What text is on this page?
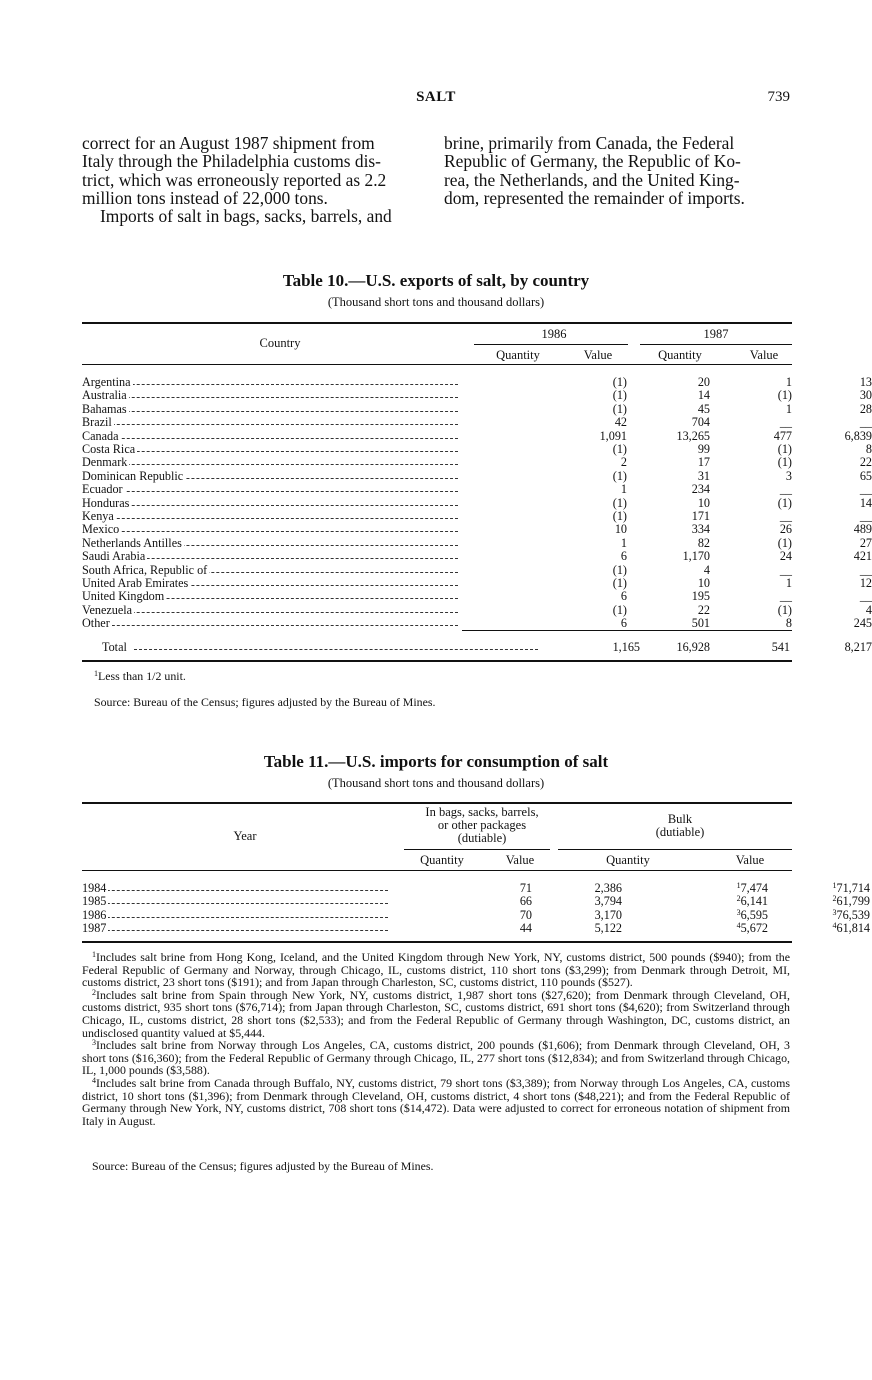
SALT	739
correct for an August 1987 shipment from
Italy through the Philadelphia customs dis-
trict, which was erroneously reported as 2.2
million tons instead of 22,000 tons.
Imports of salt in bags, sacks, barrels, and
brine, primarily from Canada, the Federal
Republic of Germany, the Republic of Ko-
rea, the Netherlands, and the United King-
dom, represented the remainder of imports.
Table 10.—U.S. exports of salt, by country
(Thousand short tons and thousand dollars)
Country
1986	1987
Quantity	Value	Quantity	Value
Argentina	(1)	20	1	13
Australia	(1)	14	(1)	30
Bahamas	(1)	45	1	28
Brazil	42	704	__	__
Canada	1,091	13,265	477	6,839
Costa Rica	(1)	99	(1)	8
Denmark	2	17	(1)	22
Dominican Republic	(1)	31	3	65
Ecuador	1	234	__	__
Honduras	(1)	10	(1)	14
Kenya	(1)	171	__	__
Mexico	10	334	26	489
Netherlands Antilles	1	82	(1)	27
Saudi Arabia	6	1,170	24	421
South Africa, Republic of	(1)	4	__	__
United Arab Emirates	(1)	10	1	12
United Kingdom	6	195	__	__
Venezuela	(1)	22	(1)	4
Other	6	501	8	245
Total	1,165	16,928	541	8,217
$^1$Less than 1/2 unit.
Source: Bureau of the Census; figures adjusted by the Bureau of Mines.
Table 11.—U.S. imports for consumption of salt
(Thousand short tons and thousand dollars)
Year
In bags, sacks, barrels,
or other packages
(dutiable)
Bulk
(dutiable)
Quantity	Value	Quantity	Value
1984	71	2,386	$^1$7,474	$^1$71,714
1985	66	3,794	$^2$6,141	$^2$61,799
1986	70	3,170	$^3$6,595	$^3$76,539
1987	44	5,122	$^4$5,672	$^4$61,814

$^1$Includes salt brine from Hong Kong, Iceland, and the United Kingdom through New York, NY, customs district, 500 pounds ($940); from the Federal Republic of Germany and Norway, through Chicago, IL, customs district, 110 short tons ($3,299); from Denmark through Detroit, MI, customs district, 23 short tons ($191); and from Japan through Charleston, SC, customs district, 110 pounds ($527).

$^2$Includes salt brine from Spain through New York, NY, customs district, 1,987 short tons ($27,620); from Denmark through Cleveland, OH, customs district, 935 short tons ($76,714); from Japan through Charleston, SC, customs district, 691 short tons ($4,620); from Switzerland through Chicago, IL, customs district, 28 short tons ($2,533); and from the Federal Republic of Germany through Washington, DC, customs district, an undisclosed quantity valued at $5,444.

$^3$Includes salt brine from Norway through Los Angeles, CA, customs district, 200 pounds ($1,606); from Denmark through Cleveland, OH, 3 short tons ($16,360); from the Federal Republic of Germany through Chicago, IL, 277 short tons ($12,834); and from Switzerland through Chicago, IL, 1,000 pounds ($3,588).

$^4$Includes salt brine from Canada through Buffalo, NY, customs district, 79 short tons ($3,389); from Norway through Los Angeles, CA, customs district, 10 short tons ($1,396); from Denmark through Cleveland, OH, customs district, 4 short tons ($48,221); and from the Federal Republic of Germany through New York, NY, customs district, 708 short tons ($14,472). Data were adjusted to correct for erroneous notation of shipment from Italy in August.

Source: Bureau of the Census; figures adjusted by the Bureau of Mines.
